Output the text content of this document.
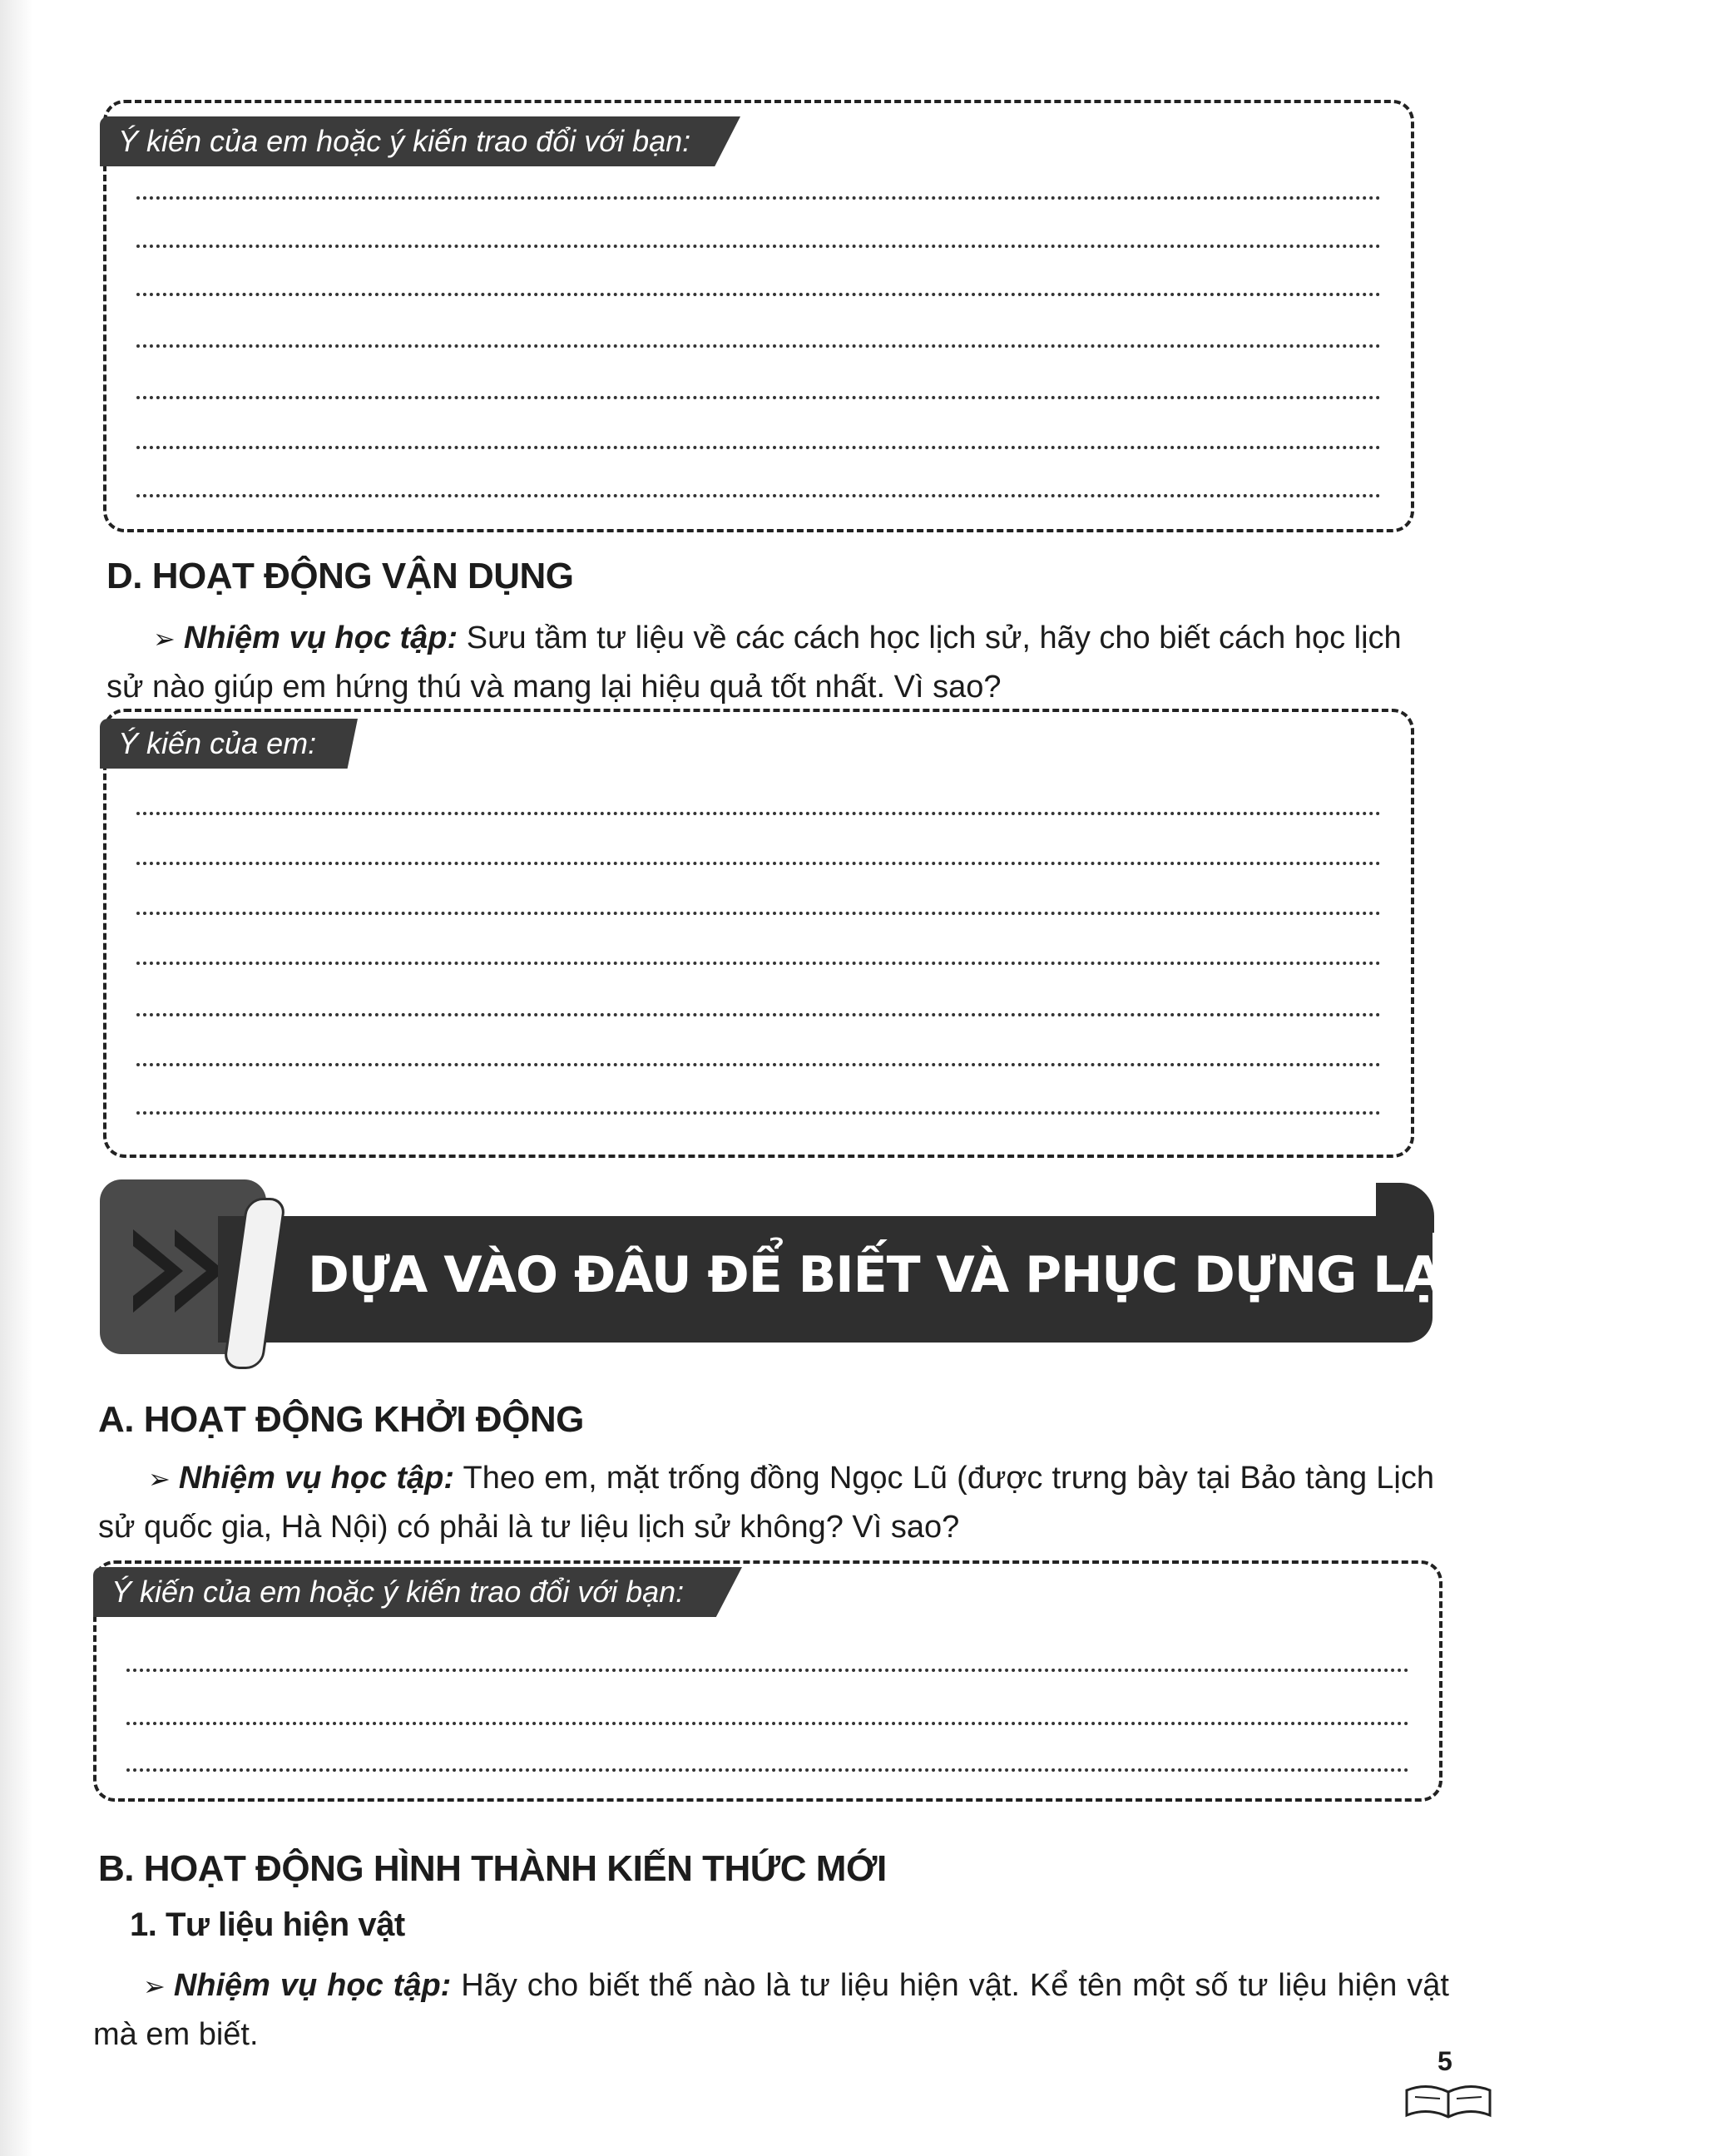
Ý kiến của em hoặc ý kiến trao đổi với bạn:
D. HOẠT ĐỘNG VẬN DỤNG
➢ Nhiệm vụ học tập: Sưu tầm tư liệu về các cách học lịch sử, hãy cho biết cách học lịch sử nào giúp em hứng thú và mang lại hiệu quả tốt nhất. Vì sao?
Ý kiến của em:
DỰA VÀO ĐÂU ĐỂ BIẾT VÀ PHỤC DỰNG LẠI LỊCH SỬ?
A. HOẠT ĐỘNG KHỞI ĐỘNG
➢ Nhiệm vụ học tập: Theo em, mặt trống đồng Ngọc Lũ (được trưng bày tại Bảo tàng Lịch sử quốc gia, Hà Nội) có phải là tư liệu lịch sử không? Vì sao?
Ý kiến của em hoặc ý kiến trao đổi với bạn:
B. HOẠT ĐỘNG HÌNH THÀNH KIẾN THỨC MỚI
1. Tư liệu hiện vật
➢ Nhiệm vụ học tập: Hãy cho biết thế nào là tư liệu hiện vật. Kể tên một số tư liệu hiện vật mà em biết.
5
